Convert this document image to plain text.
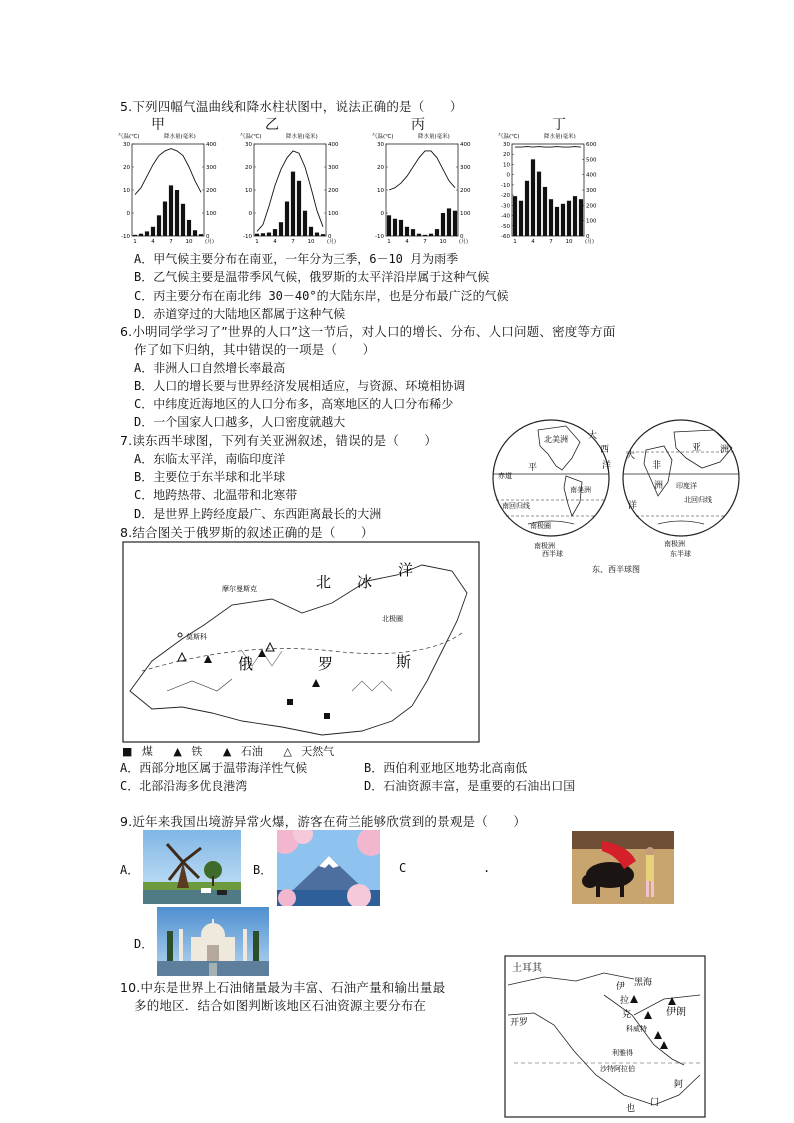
5.下列四幅气温曲线和降水柱状图中，说法正确的是（　　）
甲	乙	丙	丁
气温(℃)	降水量(毫米)
30
20
10
0
-10
400
300
200
100
0
1	4	7 10	(月)
气温(℃)	降水量(毫米)
30
20
10
0
-10
400
300
200
100
0
1	4	7 10	(月)
气温(℃)	降水量(毫米)
30
20
10
0
-10
400
300
200
100
0
1	4	7 10	(月)
气温(℃)	降水量(毫米)
30
20
10
0
-10
-20
-30
-40
-50
-60
600
500
400
300
200
100
0
1	4	7 10	(月)
A．甲气候主要分布在南亚，一年分为三季，6－10 月为雨季
B．乙气候主要是温带季风气候，俄罗斯的太平洋沿岸属于这种气候
C．丙主要分布在南北纬 30－40°的大陆东岸，也是分布最广泛的气候
D．赤道穿过的大陆地区都属于这种气候
6.小明同学学习了”世界的人口”这一节后，对人口的增长、分布、人口问题、密度等方面
作了如下归纳，其中错误的一项是（　　）
A．非洲人口自然增长率最高
B．人口的增长要与世界经济发展相适应，与资源、环境相协调
C．中纬度近海地区的人口分布多，高寒地区的人口分布稀少
D．一个国家人口越多，人口密度就越大
7.读东西半球图，下列有关亚洲叙述，错误的是（　　）
A．东临太平洋，南临印度洋
B．主要位于东半球和北半球
C．地跨热带、北温带和北寒带
D．是世界上跨经度最广、东西距离最长的大洲
北美洲 大
西
洋
平
赤道
南美洲
南回归线
南极圈
南极洲
亚 洲
非
洲
大
洋
印度洋
北回归线
南极洲
西半球	东半球
东、西半球图
8.结合图关于俄罗斯的叙述正确的是（　　）
北 冰
洋
摩尔曼斯克
莫斯科
北极圈
俄	罗	斯
■ 煤　 ▲ 铁　 ▲ 石油　 △ 天然气
A．西部分地区属于温带海洋性气候	B．西伯利亚地区地势北高南低
C．北部沿海多优良港湾	D．石油资源丰富，是重要的石油出口国
9.近年来我国出境游异常火爆，游客在荷兰能够欣赏到的景观是（　　）
A．	B．	C	.
D．
10.中东是世界上石油储量最为丰富、石油产量和输出量最
多的地区．结合如图判断该地区石油资源主要分布在
土耳其
黑海
伊朗
伊
拉
克
科威特
利雅得
沙特阿拉伯
开罗
阿
门
也
